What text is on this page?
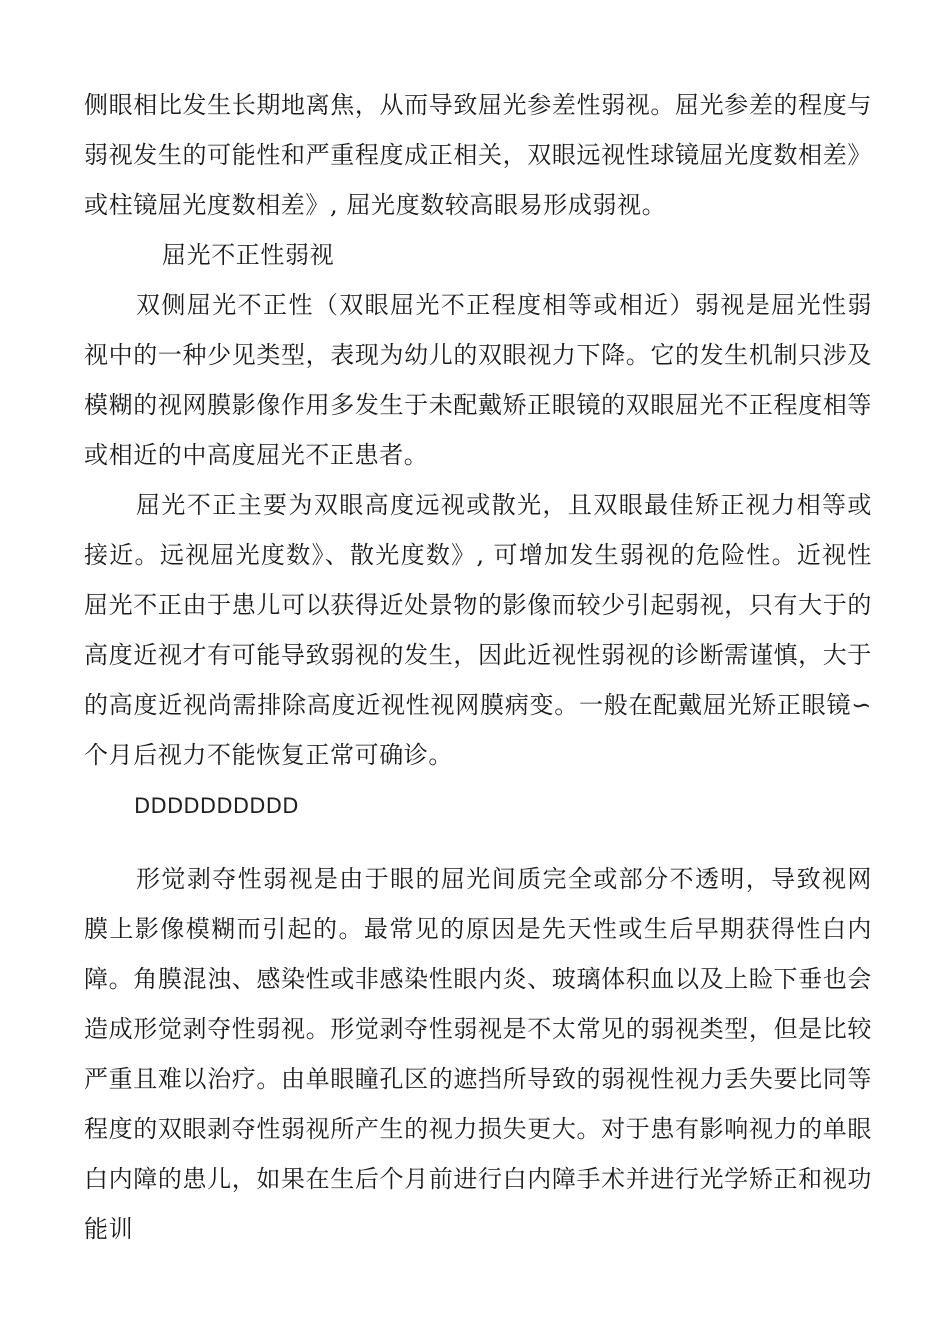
侧眼相比发生长期地离焦，从而导致屈光参差性弱视。屈光参差的程度与弱视发生的可能性和严重程度成正相关，双眼远视性球镜屈光度数相差》或柱镜屈光度数相差》, 屈光度数较高眼易形成弱视。

屈光不正性弱视

双侧屈光不正性（双眼屈光不正程度相等或相近）弱视是屈光性弱视中的一种少见类型，表现为幼儿的双眼视力下降。它的发生机制只涉及模糊的视网膜影像作用多发生于未配戴矫正眼镜的双眼屈光不正程度相等或相近的中高度屈光不正患者。

屈光不正主要为双眼高度远视或散光，且双眼最佳矫正视力相等或接近。远视屈光度数》、散光度数》, 可增加发生弱视的危险性。近视性屈光不正由于患儿可以获得近处景物的影像而较少引起弱视，只有大于的高度近视才有可能导致弱视的发生，因此近视性弱视的诊断需谨慎，大于的高度近视尚需排除高度近视性视网膜病变。一般在配戴屈光矫正眼镜∽个月后视力不能恢复正常可确诊。

DDDDDDDDDD

形觉剥夺性弱视是由于眼的屈光间质完全或部分不透明，导致视网膜上影像模糊而引起的。最常见的原因是先天性或生后早期获得性白内障。角膜混浊、感染性或非感染性眼内炎、玻璃体积血以及上睑下垂也会造成形觉剥夺性弱视。形觉剥夺性弱视是不太常见的弱视类型，但是比较严重且难以治疗。由单眼瞳孔区的遮挡所导致的弱视性视力丢失要比同等程度的双眼剥夺性弱视所产生的视力损失更大。对于患有影响视力的单眼白内障的患儿，如果在生后个月前进行白内障手术并进行光学矫正和视功能训
